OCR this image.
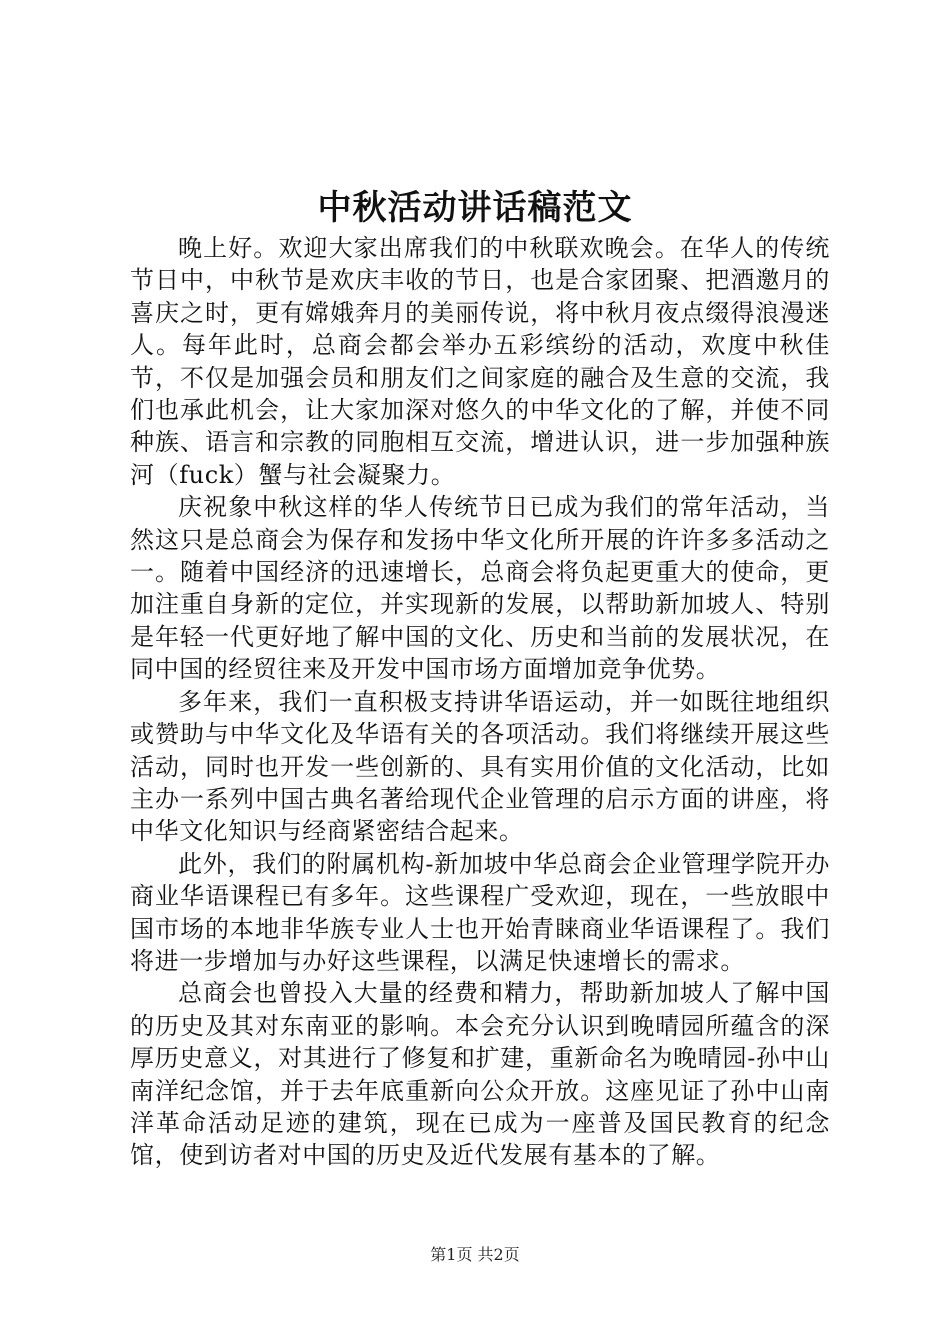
中秋活动讲话稿范文

晚上好。欢迎大家出席我们的中秋联欢晚会。在华人的传统节日中，中秋节是欢庆丰收的节日，也是合家团聚、把酒邀月的喜庆之时，更有嫦娥奔月的美丽传说，将中秋月夜点缀得浪漫迷人。每年此时，总商会都会举办五彩缤纷的活动，欢度中秋佳节，不仅是加强会员和朋友们之间家庭的融合及生意的交流，我们也承此机会，让大家加深对悠久的中华文化的了解，并使不同种族、语言和宗教的同胞相互交流，增进认识，进一步加强种族河（fuck）蟹与社会凝聚力。

庆祝象中秋这样的华人传统节日已成为我们的常年活动，当然这只是总商会为保存和发扬中华文化所开展的许许多多活动之一。随着中国经济的迅速增长，总商会将负起更重大的使命，更加注重自身新的定位，并实现新的发展，以帮助新加坡人、特别是年轻一代更好地了解中国的文化、历史和当前的发展状况，在同中国的经贸往来及开发中国市场方面增加竞争优势。

多年来，我们一直积极支持讲华语运动，并一如既往地组织或赞助与中华文化及华语有关的各项活动。我们将继续开展这些活动，同时也开发一些创新的、具有实用价值的文化活动，比如主办一系列中国古典名著给现代企业管理的启示方面的讲座，将中华文化知识与经商紧密结合起来。

此外，我们的附属机构-新加坡中华总商会企业管理学院开办商业华语课程已有多年。这些课程广受欢迎，现在，一些放眼中国市场的本地非华族专业人士也开始青睐商业华语课程了。我们将进一步增加与办好这些课程，以满足快速增长的需求。

总商会也曾投入大量的经费和精力，帮助新加坡人了解中国的历史及其对东南亚的影响。本会充分认识到晚晴园所蕴含的深厚历史意义，对其进行了修复和扩建，重新命名为晚晴园-孙中山南洋纪念馆，并于去年底重新向公众开放。这座见证了孙中山南洋革命活动足迹的建筑，现在已成为一座普及国民教育的纪念馆，使到访者对中国的历史及近代发展有基本的了解。

第1页 共2页
